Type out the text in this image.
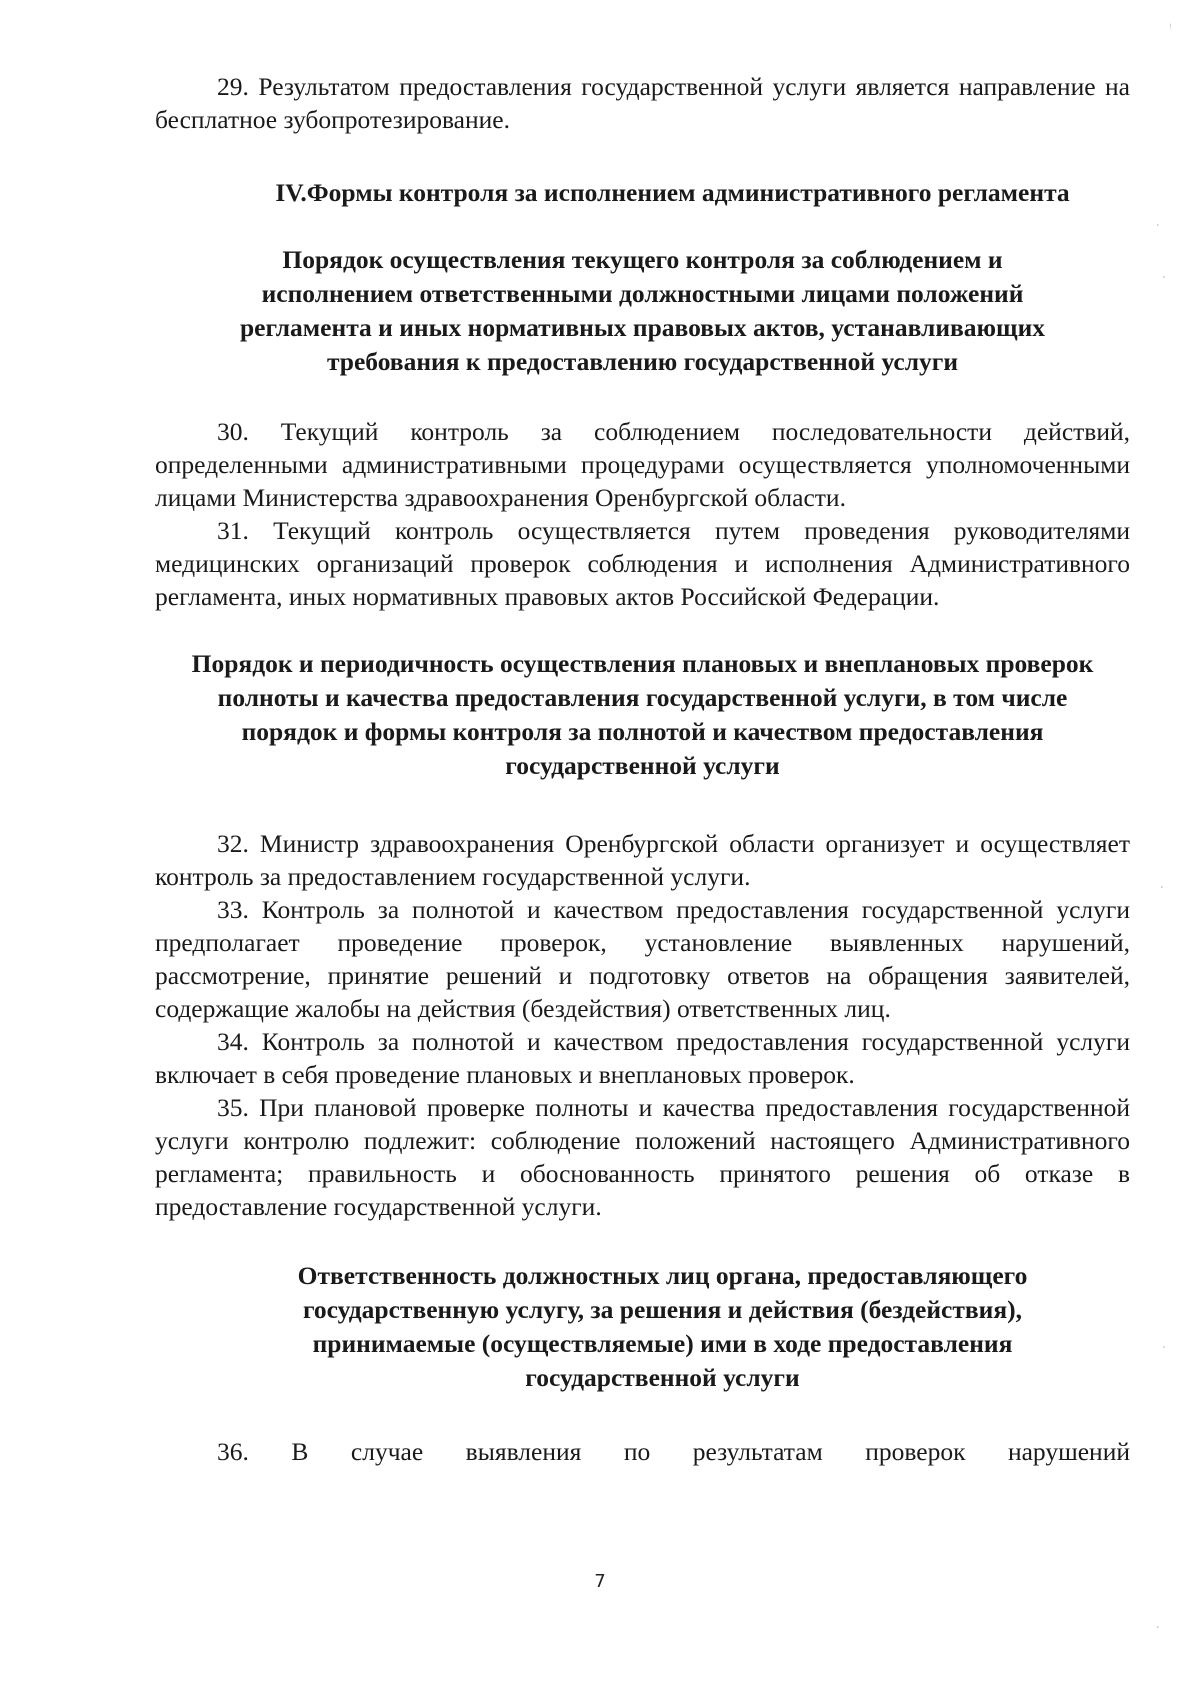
29. Результатом предоставления государственной услуги является направление на бесплатное зубопротезирование.

IV.Формы контроля за исполнением административного регламента
Порядок осуществления текущего контроля за соблюдением и исполнением ответственными должностными лицами положений регламента и иных нормативных правовых актов, устанавливающих требования к предоставлению государственной услуги

30. Текущий контроль за соблюдением последовательности действий, определенными административными процедурами осуществляется уполномоченными лицами Министерства здравоохранения Оренбургской области.

31. Текущий контроль осуществляется путем проведения руководителями медицинских организаций проверок соблюдения и исполнения Административного регламента, иных нормативных правовых актов Российской Федерации.

Порядок и периодичность осуществления плановых и внеплановых проверок полноты и качества предоставления государственной услуги, в том числе порядок и формы контроля за полнотой и качеством предоставления государственной услуги

32. Министр здравоохранения Оренбургской области организует и осуществляет контроль за предоставлением государственной услуги.

33. Контроль за полнотой и качеством предоставления государственной услуги предполагает проведение проверок, установление выявленных нарушений, рассмотрение, принятие решений и подготовку ответов на обращения заявителей, содержащие жалобы на действия (бездействия) ответственных лиц.

34. Контроль за полнотой и качеством предоставления государственной услуги включает в себя проведение плановых и внеплановых проверок.

35. При плановой проверке полноты и качества предоставления государственной услуги контролю подлежит: соблюдение положений настоящего Административного регламента; правильность и обоснованность принятого решения об отказе в предоставление государственной услуги.

Ответственность должностных лиц органа, предоставляющего государственную услугу, за решения и действия (бездействия), принимаемые (осуществляемые) ими в ходе предоставления государственной услуги

36. В случае выявления по результатам проверок нарушений

7
ꜝ
·
·
·
·
·
